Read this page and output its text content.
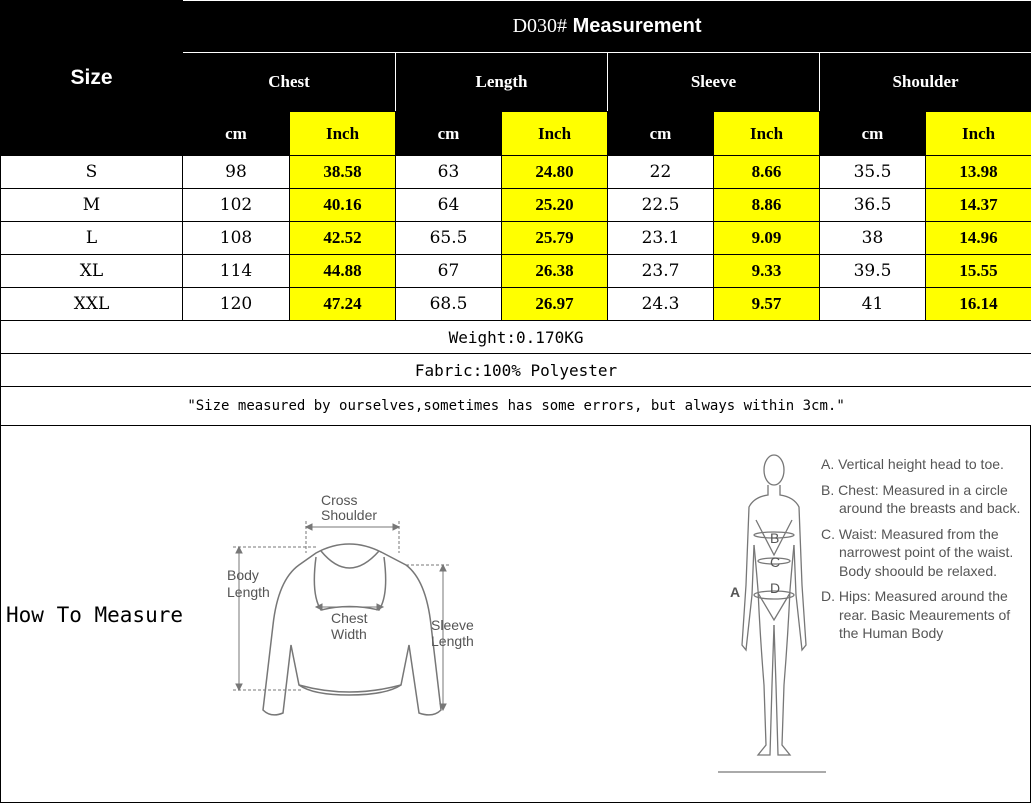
Size	D030# Measurement							
	Chest		Length		Sleeve		Shoulder	
	cm	Inch	cm	Inch	cm	Inch	cm	Inch
S	98	38.58	63	24.80	22	8.66	35.5	13.98
M	102	40.16	64	25.20	22.5	8.86	36.5	14.37
L	108	42.52	65.5	25.79	23.1	9.09	38	14.96
XL	114	44.88	67	26.38	23.7	9.33	39.5	15.55
XXL	120	47.24	68.5	26.97	24.3	9.57	41	16.14
Weight:0.170KG								
Fabric:100% Polyester								
"Size measured by ourselves,sometimes has some errors, but always within 3cm."								
How To Measure
Cross
Shoulder
Body
Length
Chest
Width
Sleeve
Length
A
B
C
D

A. Vertical height head to toe.

B. Chest: Measured in a circle around the breasts and back.

C. Waist: Measured from the narrowest point of the waist. Body shoould be relaxed.

D. Hips: Measured around the rear. Basic Meaurements of the Human Body
